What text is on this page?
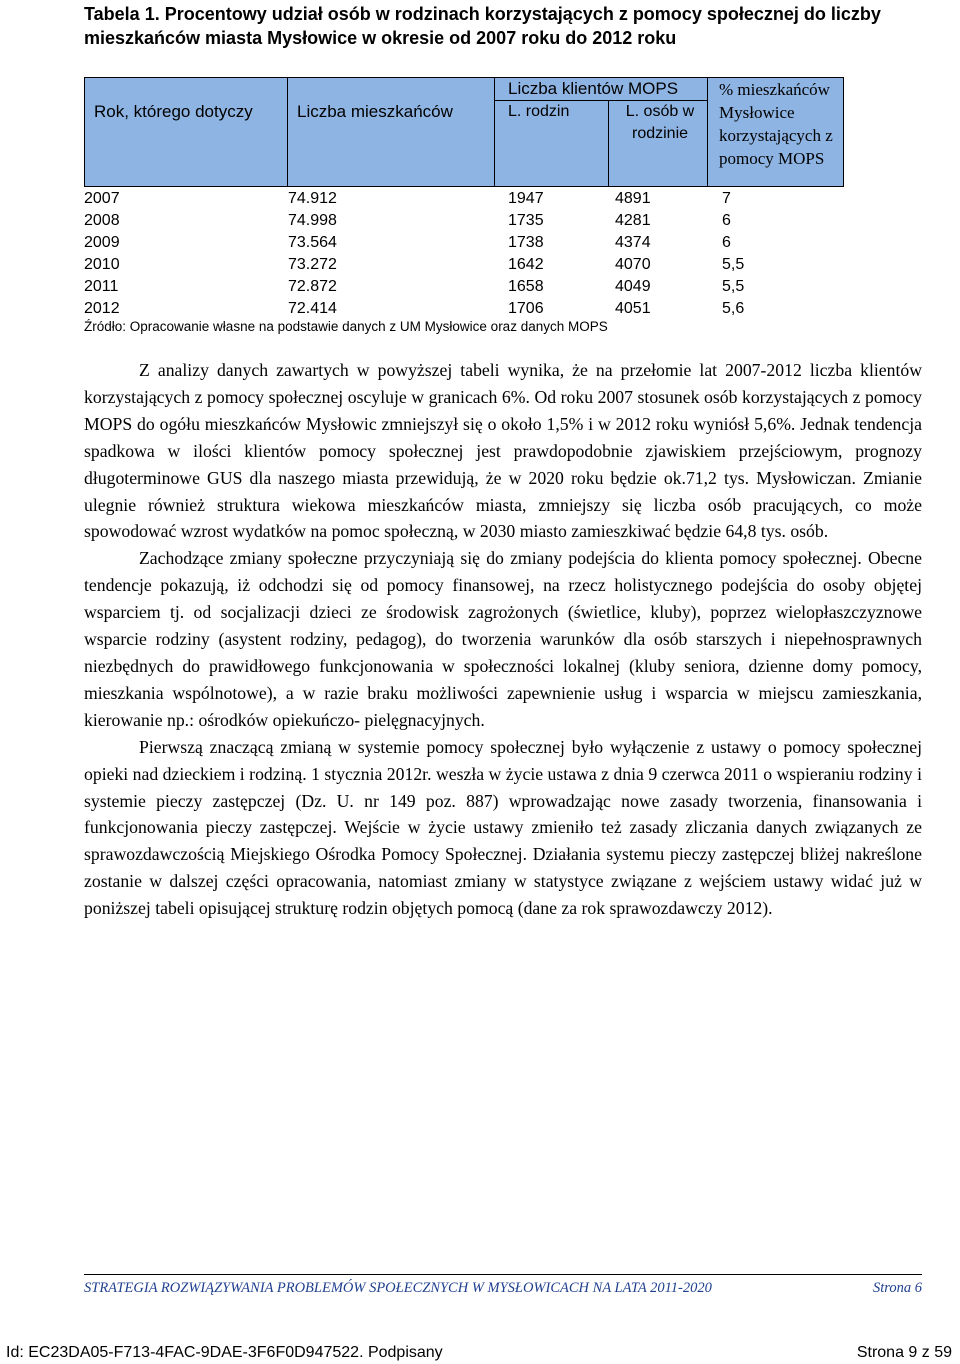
Tabela 1. Procentowy udział osób w rodzinach korzystających z pomocy społecznej do liczby mieszkańców miasta Mysłowice w okresie od 2007 roku do 2012 roku
Rok, którego dotyczy	Liczba mieszkańców
Liczba klientów MOPS
L. rodzin	L. osób w rodzinie
% mieszkańców Mysłowice korzystających z pomocy MOPS
2007	74.912	1947	4891	7
2008	74.998	1735	4281	6
2009	73.564	1738	4374	6
2010	73.272	1642	4070	5,5
2011	72.872	1658	4049	5,5
2012	72.414	1706	4051	5,6
Źródło: Opracowanie własne na podstawie danych z UM Mysłowice oraz danych MOPS

Z analizy danych zawartych w powyższej tabeli wynika, że na przełomie lat 2007-2012 liczba klientów korzystających z pomocy społecznej oscyluje w granicach 6%. Od roku 2007 stosunek osób korzystających z pomocy MOPS do ogółu mieszkańców Mysłowic zmniejszył się o około 1,5% i w 2012 roku wyniósł 5,6%. Jednak tendencja spadkowa w ilości klientów pomocy społecznej jest prawdopodobnie zjawiskiem przejściowym, prognozy długoterminowe GUS dla naszego miasta przewidują, że w 2020 roku będzie ok.71,2 tys. Mysłowiczan. Zmianie ulegnie również struktura wiekowa mieszkańców miasta, zmniejszy się liczba osób pracujących, co może spowodować wzrost wydatków na pomoc społeczną, w 2030 miasto zamieszkiwać będzie 64,8 tys. osób.

Zachodzące zmiany społeczne przyczyniają się do zmiany podejścia do klienta pomocy społecznej. Obecne tendencje pokazują, iż odchodzi się od pomocy finansowej, na rzecz holistycznego podejścia do osoby objętej wsparciem tj. od socjalizacji dzieci ze środowisk zagrożonych (świetlice, kluby), poprzez wielopłaszczyznowe wsparcie rodziny (asystent rodziny, pedagog), do tworzenia warunków dla osób starszych i niepełnosprawnych niezbędnych do prawidłowego funkcjonowania w społeczności lokalnej (kluby seniora, dzienne domy pomocy, mieszkania wspólnotowe), a w razie braku możliwości zapewnienie usług i wsparcia w miejscu zamieszkania, kierowanie np.: ośrodków opiekuńczo- pielęgnacyjnych.

Pierwszą znaczącą zmianą w systemie pomocy społecznej było wyłączenie z ustawy o pomocy społecznej opieki nad dzieckiem i rodziną. 1 stycznia 2012r. weszła w życie ustawa z dnia 9 czerwca 2011 o wspieraniu rodziny i systemie pieczy zastępczej (Dz. U. nr 149 poz. 887) wprowadzając nowe zasady tworzenia, finansowania i funkcjonowania pieczy zastępczej. Wejście w życie ustawy zmieniło też zasady zliczania danych związanych ze sprawozdawczością Miejskiego Ośrodka Pomocy Społecznej. Działania systemu pieczy zastępczej bliżej nakreślone zostanie w dalszej części opracowania, natomiast zmiany w statystyce związane z wejściem ustawy widać już w poniższej tabeli opisującej strukturę rodzin objętych pomocą (dane za rok sprawozdawczy 2012).

STRATEGIA ROZWIĄZYWANIA PROBLEMÓW SPOŁECZNYCH W MYSŁOWICACH NA LATA 2011-2020	Strona 6
Id: EC23DA05-F713-4FAC-9DAE-3F6F0D947522. Podpisany	Strona 9 z 59
